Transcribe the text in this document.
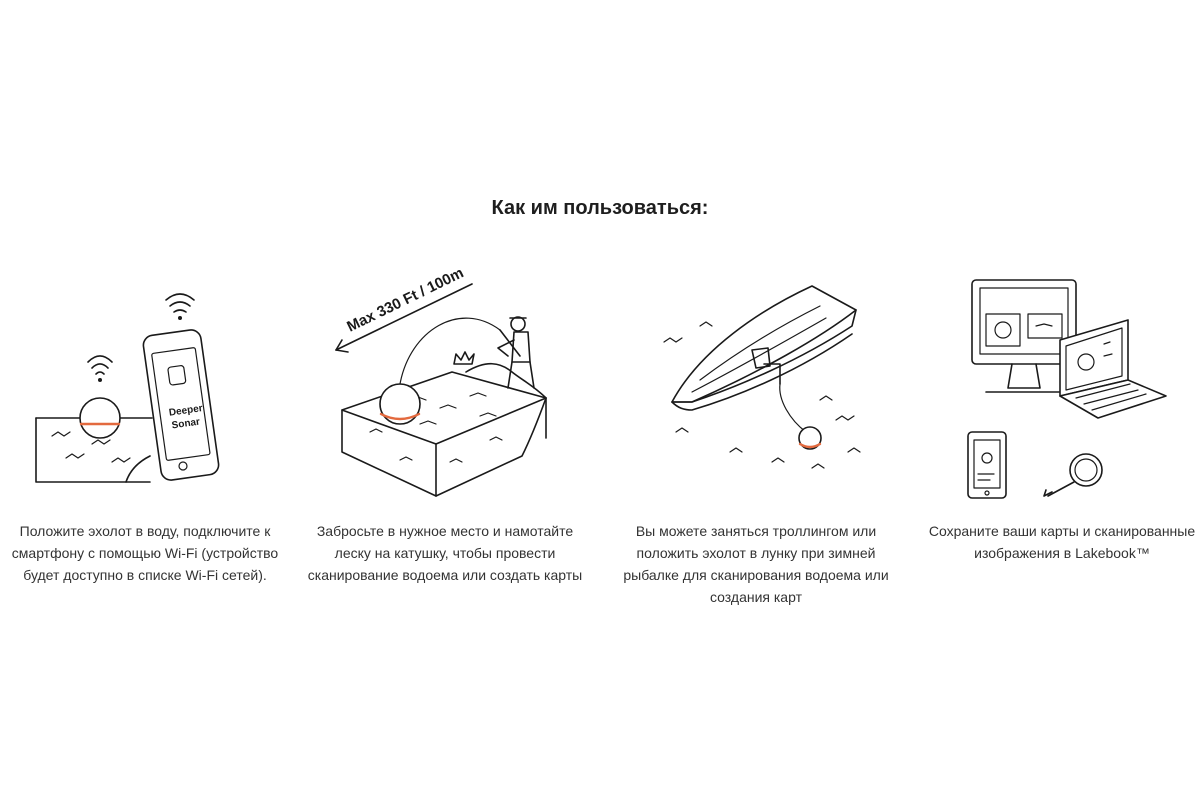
Как им пользоваться:
Deeper
Sonar
Max 330 Ft / 100m
Положите эхолот в воду, подключите к смартфону с помощью Wi-Fi (устройство будет доступно в списке Wi-Fi сетей).
Забросьте в нужное место и намотайте леску на катушку, чтобы провести сканирование водоема или создать карты
Вы можете заняться троллингом или положить эхолот в лунку при зимней рыбалке для сканирования водоема или создания карт
Сохраните ваши карты и сканированные изображения в Lakebook™
